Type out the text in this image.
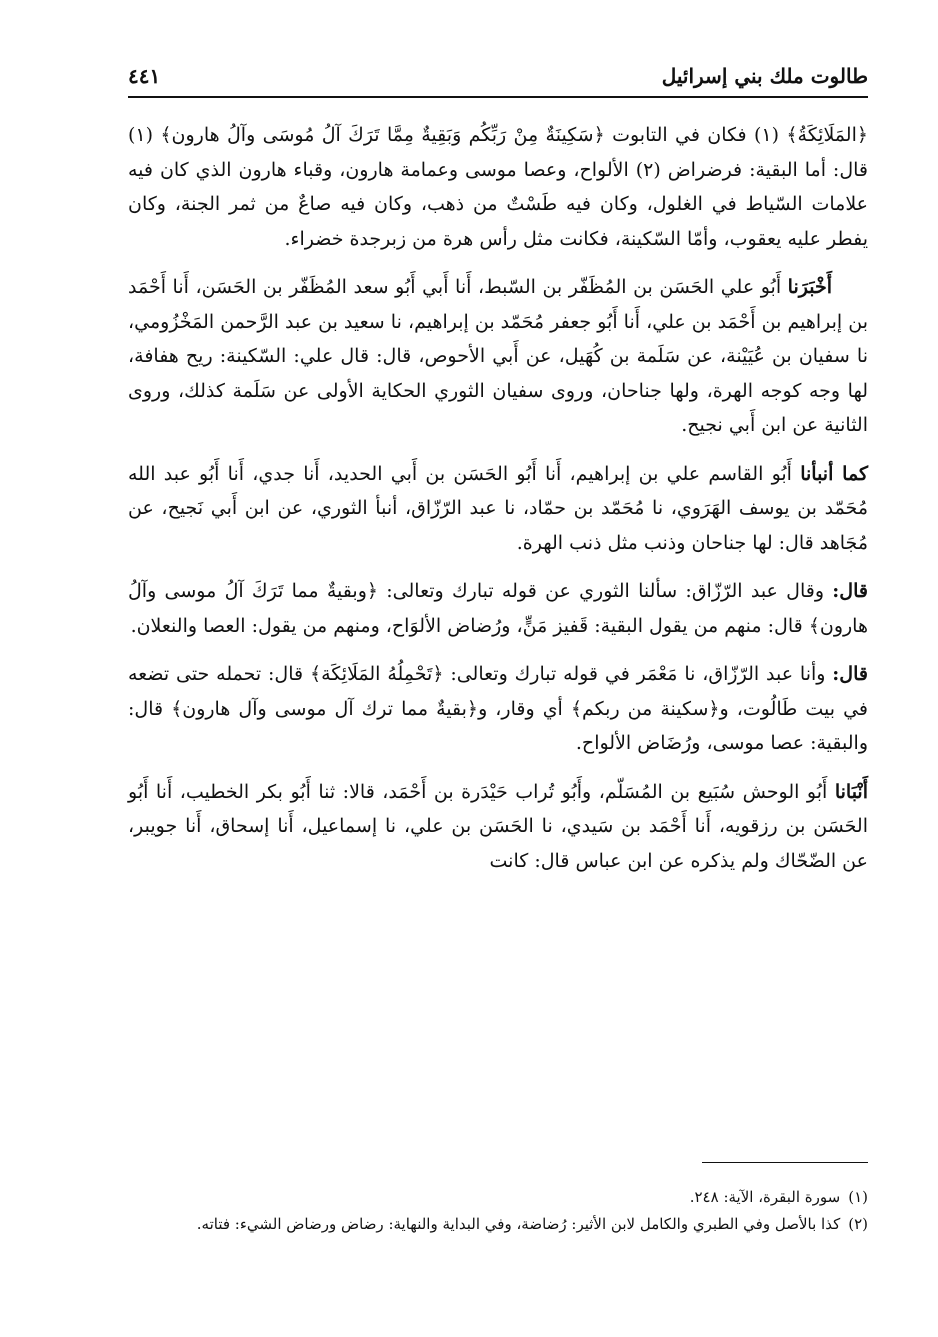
طالوت ملك بني إسرائيل
٤٤١

﴿المَلَائِكَةُ﴾ (١) فكان في التابوت ﴿سَكِينَةٌ مِنْ رَبِّكُم وَبَقِيةٌ مِمَّا تَرَكَ آلُ مُوسَى وآلُ هارون﴾ (١) قال: أما البقية: فرضراض (٢) الألواح، وعصا موسى وعمامة هارون، وقباء هارون الذي كان فيه علامات السّياط في الغلول، وكان فيه طَسْتٌ من ذهب، وكان فيه صاعٌ من ثمر الجنة، وكان يفطر عليه يعقوب، وأمّا السّكينة، فكانت مثل رأس هرة من زبرجدة خضراء.

أَخْبَرَنا أَبُو علي الحَسَن بن المُظَفّر بن السّبط، أَنا أَبي أَبُو سعد المُظَفّر بن الحَسَن، أَنا أَحْمَد بن إبراهيم بن أَحْمَد بن علي، أَنا أَبُو جعفر مُحَمّد بن إبراهيم، نا سعيد بن عبد الرَّحمن المَخْزُومي، نا سفيان بن عُيَيْنة، عن سَلَمة بن كُهَيل، عن أَبي الأحوص، قال: قال علي: السّكينة: ريح هفافة، لها وجه كوجه الهرة، ولها جناحان، وروى سفيان الثوري الحكاية الأولى عن سَلَمة كذلك، وروى الثانية عن ابن أَبي نجيح.

كما أنبأنا أَبُو القاسم علي بن إبراهيم، أَنا أَبُو الحَسَن بن أَبي الحديد، أَنا جدي، أَنا أَبُو عبد الله مُحَمّد بن يوسف الهَرَوي، نا مُحَمّد بن حمّاد، نا عبد الرّزّاق، أنبأ الثوري، عن ابن أَبي نَجيح، عن مُجَاهد قال: لها جناحان وذنب مثل ذنب الهرة.

قال: وقال عبد الرّزّاق: سألنا الثوري عن قوله تبارك وتعالى: ﴿وبقيةٌ مما تَرَكَ آلُ موسى وآلُ هارون﴾ قال: منهم من يقول البقية: قَفيز مَنٍّ، ورُضاض الألوَاح، ومنهم من يقول: العصا والنعلان.

قال: وأنا عبد الرّزّاق، نا مَعْمَر في قوله تبارك وتعالى: ﴿تَحْمِلُهُ المَلَائِكَة﴾ قال: تحمله حتى تضعه في بيت طَالُوت، و﴿سكينة من ربكم﴾ أي وقار، و﴿بقيةٌ مما ترك آل موسى وآل هارون﴾ قال: والبقية: عصا موسى، ورُضَاض الألواح.

أَنْبَانا أَبُو الوحش سُبَيع بن المُسَلّم، وأَبُو تُراب حَيْدَرة بن أَحْمَد، قالا: ثنا أَبُو بكر الخطيب، أَنا أَبُو الحَسَن بن رزقويه، أَنا أَحْمَد بن سَيدي، نا الحَسَن بن علي، نا إسماعيل، أَنا إسحاق، أَنا جويبر، عن الضّحّاك ولم يذكره عن ابن عباس قال: كانت

(١)سورة البقرة، الآية: ٢٤٨.

(٢)كذا بالأصل وفي الطبري والكامل لابن الأثير: رُضاضة، وفي البداية والنهاية: رضاض ورضاض الشيء: فتاته.
